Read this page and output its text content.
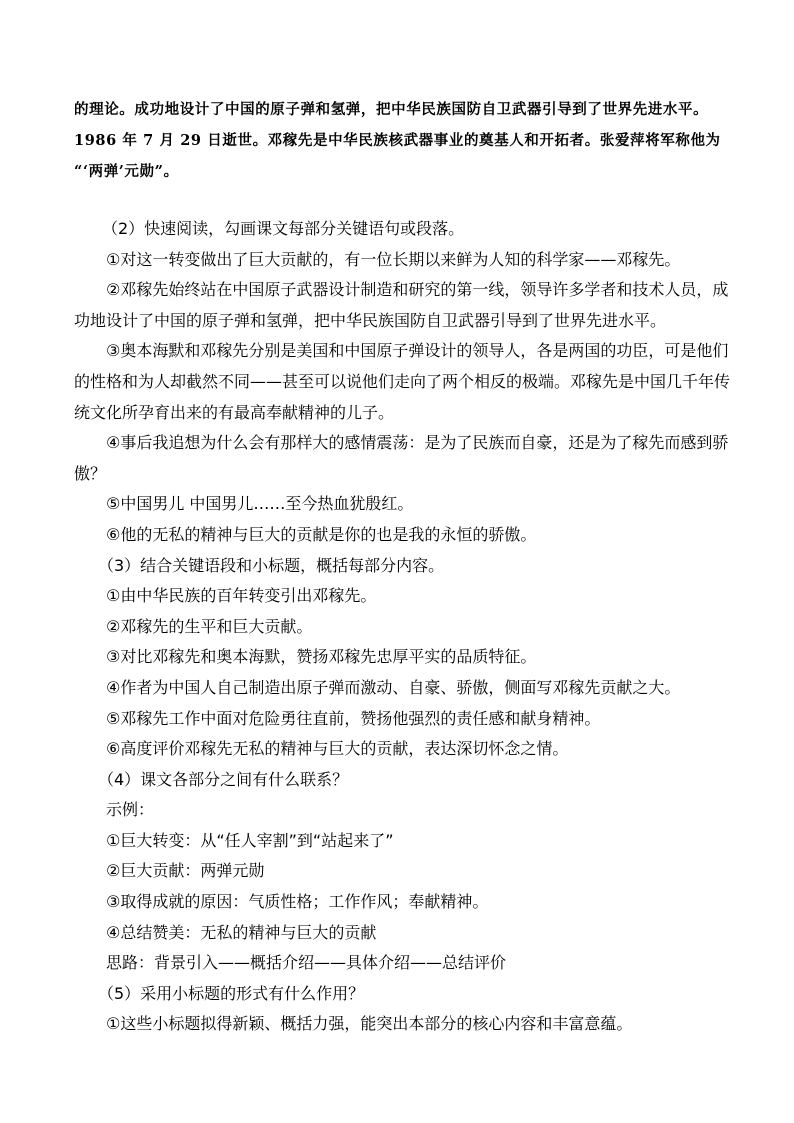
的理论。成功地设计了中国的原子弹和氢弹，把中华民族国防自卫武器引导到了世界先进水平。

1986 年 7 月 29 日逝世。邓稼先是中华民族核武器事业的奠基人和开拓者。张爱萍将军称他为

“‘两弹’元勋”。

（2）快速阅读，勾画课文每部分关键语句或段落。

①对这一转变做出了巨大贡献的，有一位长期以来鲜为人知的科学家——邓稼先。

②邓稼先始终站在中国原子武器设计制造和研究的第一线，领导许多学者和技术人员，成

功地设计了中国的原子弹和氢弹，把中华民族国防自卫武器引导到了世界先进水平。

③奥本海默和邓稼先分别是美国和中国原子弹设计的领导人，各是两国的功臣，可是他们

的性格和为人却截然不同——甚至可以说他们走向了两个相反的极端。邓稼先是中国几千年传

统文化所孕育出来的有最高奉献精神的儿子。

④事后我追想为什么会有那样大的感情震荡：是为了民族而自豪，还是为了稼先而感到骄

傲？

⑤中国男儿 中国男儿……至今热血犹殷红。

⑥他的无私的精神与巨大的贡献是你的也是我的永恒的骄傲。

（3）结合关键语段和小标题，概括每部分内容。

①由中华民族的百年转变引出邓稼先。

②邓稼先的生平和巨大贡献。

③对比邓稼先和奥本海默，赞扬邓稼先忠厚平实的品质特征。

④作者为中国人自己制造出原子弹而激动、自豪、骄傲，侧面写邓稼先贡献之大。

⑤邓稼先工作中面对危险勇往直前，赞扬他强烈的责任感和献身精神。

⑥高度评价邓稼先无私的精神与巨大的贡献，表达深切怀念之情。

（4）课文各部分之间有什么联系？

示例：

①巨大转变：从“任人宰割”到“站起来了”

②巨大贡献：两弹元勋

③取得成就的原因：气质性格；工作作风；奉献精神。

④总结赞美：无私的精神与巨大的贡献

思路：背景引入——概括介绍——具体介绍——总结评价

（5）采用小标题的形式有什么作用？

①这些小标题拟得新颖、概括力强，能突出本部分的核心内容和丰富意蕴。
